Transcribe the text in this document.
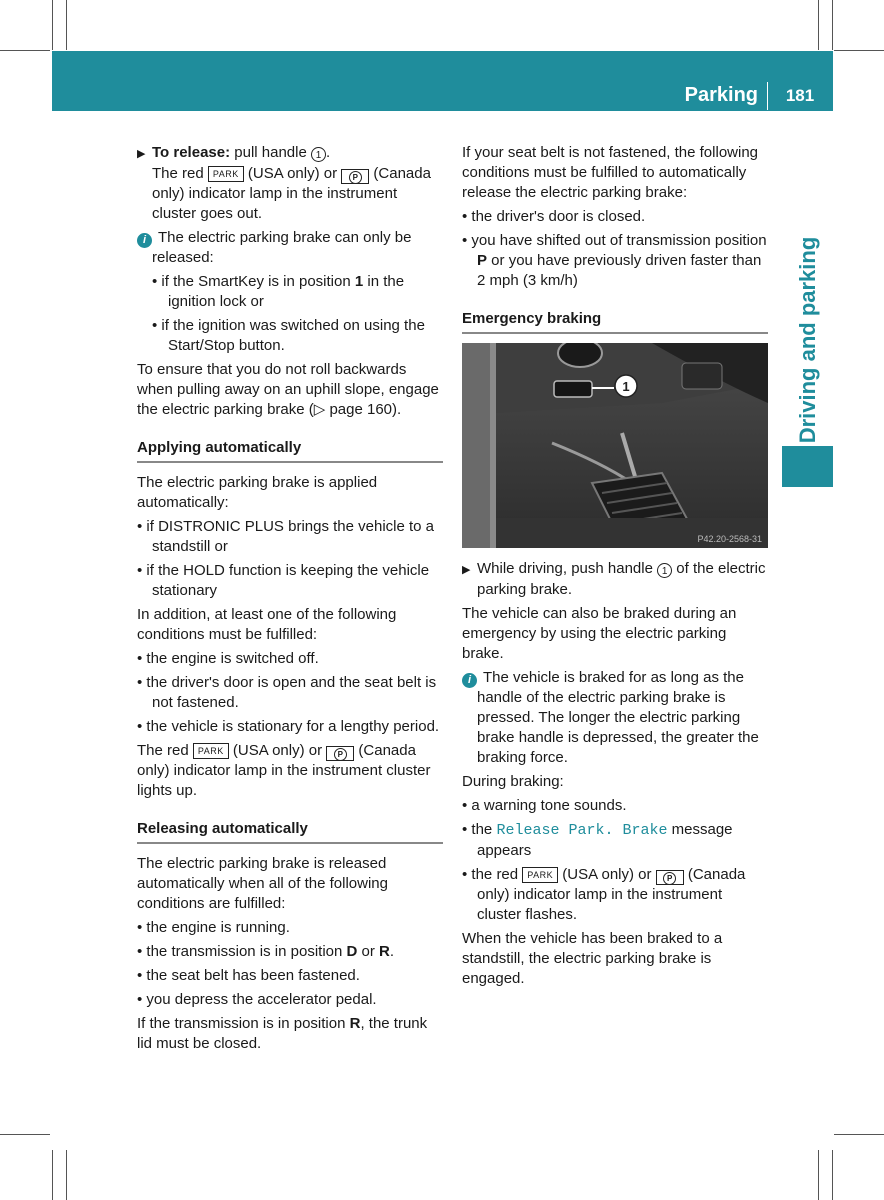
Parking	181
Driving and parking

▶ To release: pull handle 1 .
The red PARK (USA only) or P (Canada only) indicator lamp in the instrument cluster goes out.

i The electric parking brake can only be released:

• if the SmartKey is in position 1 in the ignition lock or

• if the ignition was switched on using the Start/Stop button.

To ensure that you do not roll backwards when pulling away on an uphill slope, engage the electric parking brake (▷ page 160).

Applying automatically

The electric parking brake is applied automatically:

• if DISTRONIC PLUS brings the vehicle to a standstill or

• if the HOLD function is keeping the vehicle stationary

In addition, at least one of the following conditions must be fulfilled:

• the engine is switched off.

• the driver's door is open and the seat belt is not fastened.

• the vehicle is stationary for a lengthy period.

The red PARK (USA only) or P (Canada only) indicator lamp in the instrument cluster lights up.

Releasing automatically

The electric parking brake is released automatically when all of the following conditions are fulfilled:

• the engine is running.

• the transmission is in position D or R.

• the seat belt has been fastened.

• you depress the accelerator pedal.

If the transmission is in position R, the trunk lid must be closed.

If your seat belt is not fastened, the following conditions must be fulfilled to automatically release the electric parking brake:

• the driver's door is closed.

• you have shifted out of transmission position P or you have previously driven faster than 2 mph (3 km/h)

Emergency braking

1
P42.20-2568-31

▶ While driving, push handle 1 of the electric parking brake.

The vehicle can also be braked during an emergency by using the electric parking brake.

i The vehicle is braked for as long as the handle of the electric parking brake is pressed. The longer the electric parking brake handle is depressed, the greater the braking force.

During braking:

• a warning tone sounds.

• the Release Park. Brake message appears

• the red PARK (USA only) or P (Canada only) indicator lamp in the instrument cluster flashes.

When the vehicle has been braked to a standstill, the electric parking brake is engaged.
